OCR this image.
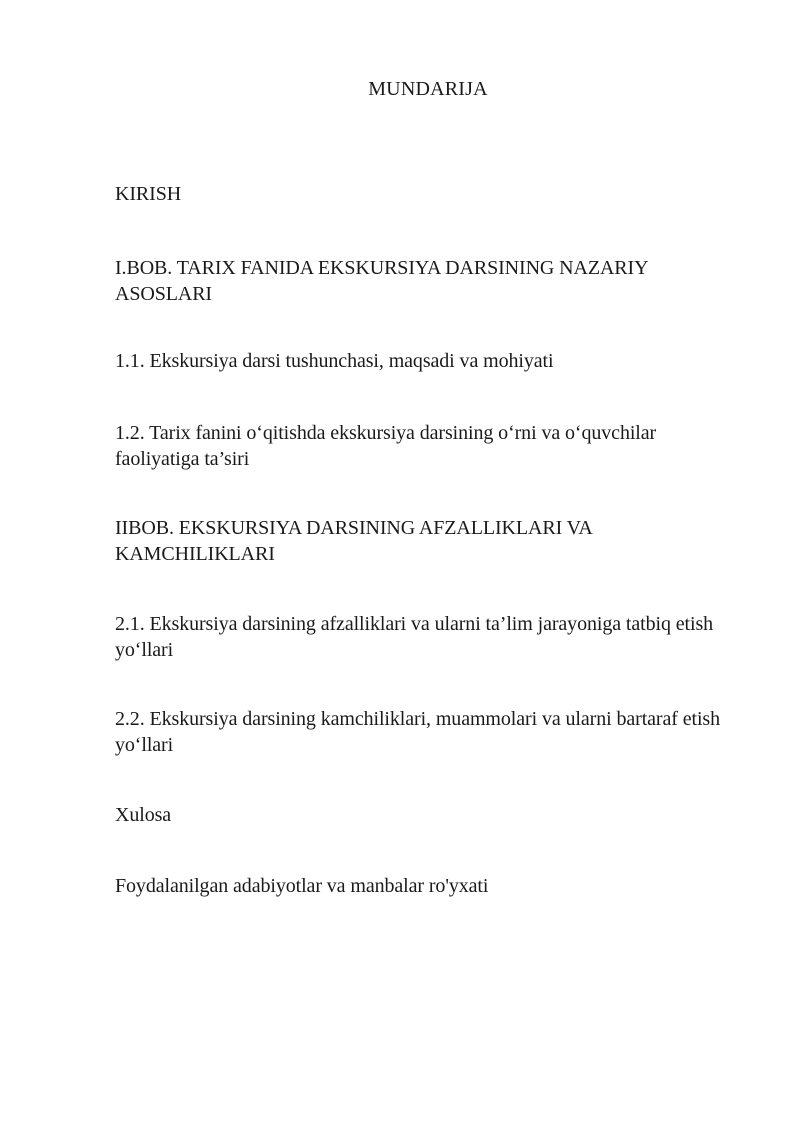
MUNDARIJA
KIRISH
I.BOB. TARIX FANIDA EKSKURSIYA DARSINING NAZARIY ASOSLARI
1.1. Ekskursiya darsi tushunchasi, maqsadi va mohiyati
1.2. Tarix fanini o‘qitishda ekskursiya darsining o‘rni va o‘quvchilar faoliyatiga ta’siri
IIBOB. EKSKURSIYA DARSINING AFZALLIKLARI VA KAMCHILIKLARI
2.1. Ekskursiya darsining afzalliklari va ularni ta’lim jarayoniga tatbiq etish yo‘llari
2.2. Ekskursiya darsining kamchiliklari, muammolari va ularni bartaraf etish yo‘llari
Xulosa
Foydalanilgan adabiyotlar va manbalar ro'yxati
